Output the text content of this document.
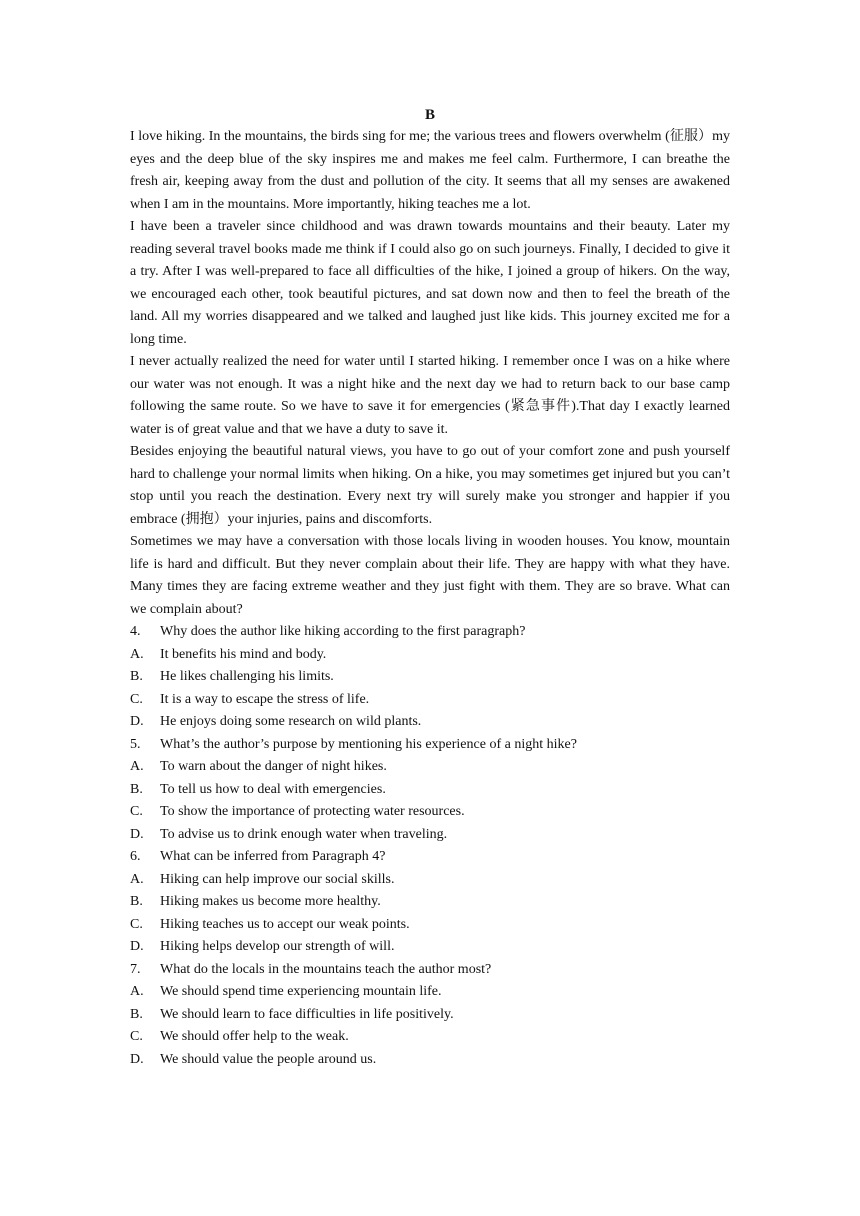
B

I love hiking. In the mountains, the birds sing for me; the various trees and flowers overwhelm (征服）my eyes and the deep blue of the sky inspires me and makes me feel calm. Furthermore, I can breathe the fresh air, keeping away from the dust and pollution of the city. It seems that all my senses are awakened when I am in the mountains. More importantly, hiking teaches me a lot.

I have been a traveler since childhood and was drawn towards mountains and their beauty. Later my reading several travel books made me think if I could also go on such journeys. Finally, I decided to give it a try. After I was well-prepared to face all difficulties of the hike, I joined a group of hikers. On the way, we encouraged each other, took beautiful pictures, and sat down now and then to feel the breath of the land. All my worries disappeared and we talked and laughed just like kids. This journey excited me for a long time.

I never actually realized the need for water until I started hiking. I remember once I was on a hike where our water was not enough. It was a night hike and the next day we had to return back to our base camp following the same route. So we have to save it for emergencies (紧急事件).That day I exactly learned water is of great value and that we have a duty to save it.

Besides enjoying the beautiful natural views, you have to go out of your comfort zone and push yourself hard to challenge your normal limits when hiking. On a hike, you may sometimes get injured but you can’t stop until you reach the destination. Every next try will surely make you stronger and happier if you embrace (拥抱）your injuries, pains and discomforts.

Sometimes we may have a conversation with those locals living in wooden houses. You know, mountain life is hard and difficult. But they never complain about their life. They are happy with what they have. Many times they are facing extreme weather and they just fight with them. They are so brave. What can we complain about?

4.	Why does the author like hiking according to the first paragraph?
A.	It benefits his mind and body.
B.	He likes challenging his limits.
C.	It is a way to escape the stress of life.
D.	He enjoys doing some research on wild plants.
5.	What’s the author’s purpose by mentioning his experience of a night hike?
A.	To warn about the danger of night hikes.
B.	To tell us how to deal with emergencies.
C.	To show the importance of protecting water resources.
D.	To advise us to drink enough water when traveling.
6.	What can be inferred from Paragraph 4?
A.	Hiking can help improve our social skills.
B.	Hiking makes us become more healthy.
C.	Hiking teaches us to accept our weak points.
D.	Hiking helps develop our strength of will.
7.	What do the locals in the mountains teach the author most?
A.	We should spend time experiencing mountain life.
B.	We should learn to face difficulties in life positively.
C.	We should offer help to the weak.
D.	We should value the people around us.
